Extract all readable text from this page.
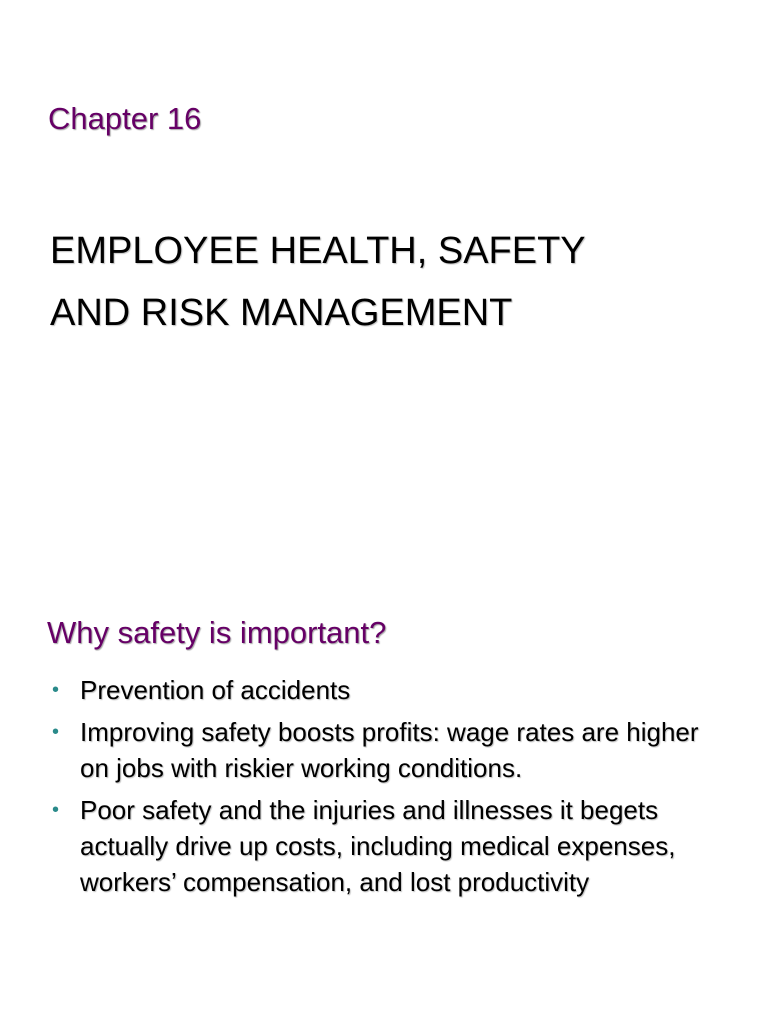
Chapter 16
EMPLOYEE HEALTH, SAFETY
AND RISK MANAGEMENT
Why safety is important?
• Prevention of accidents
• Improving safety boosts profits: wage rates are higher on jobs with riskier working conditions.
• Poor safety and the injuries and illnesses it begets actually drive up costs, including medical expenses, workers’ compensation, and lost productivity
